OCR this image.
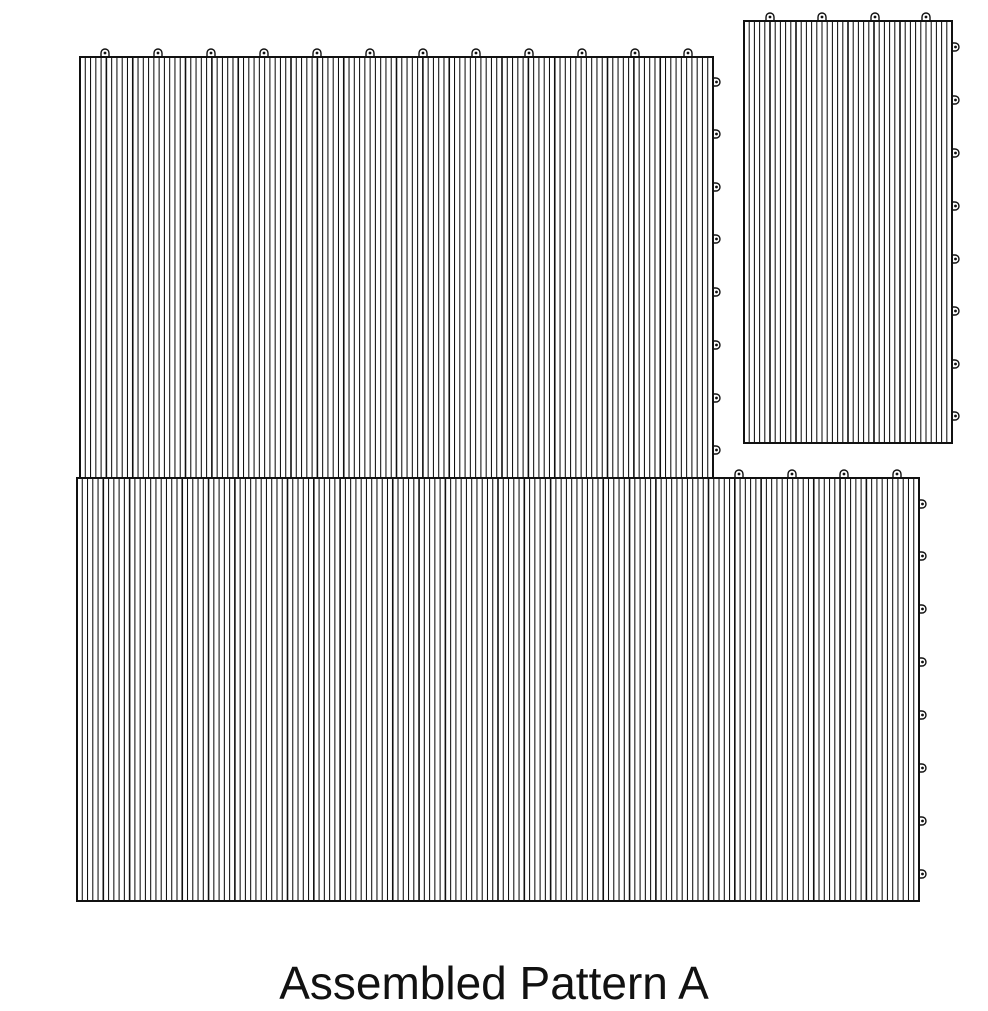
Assembled Pattern A
